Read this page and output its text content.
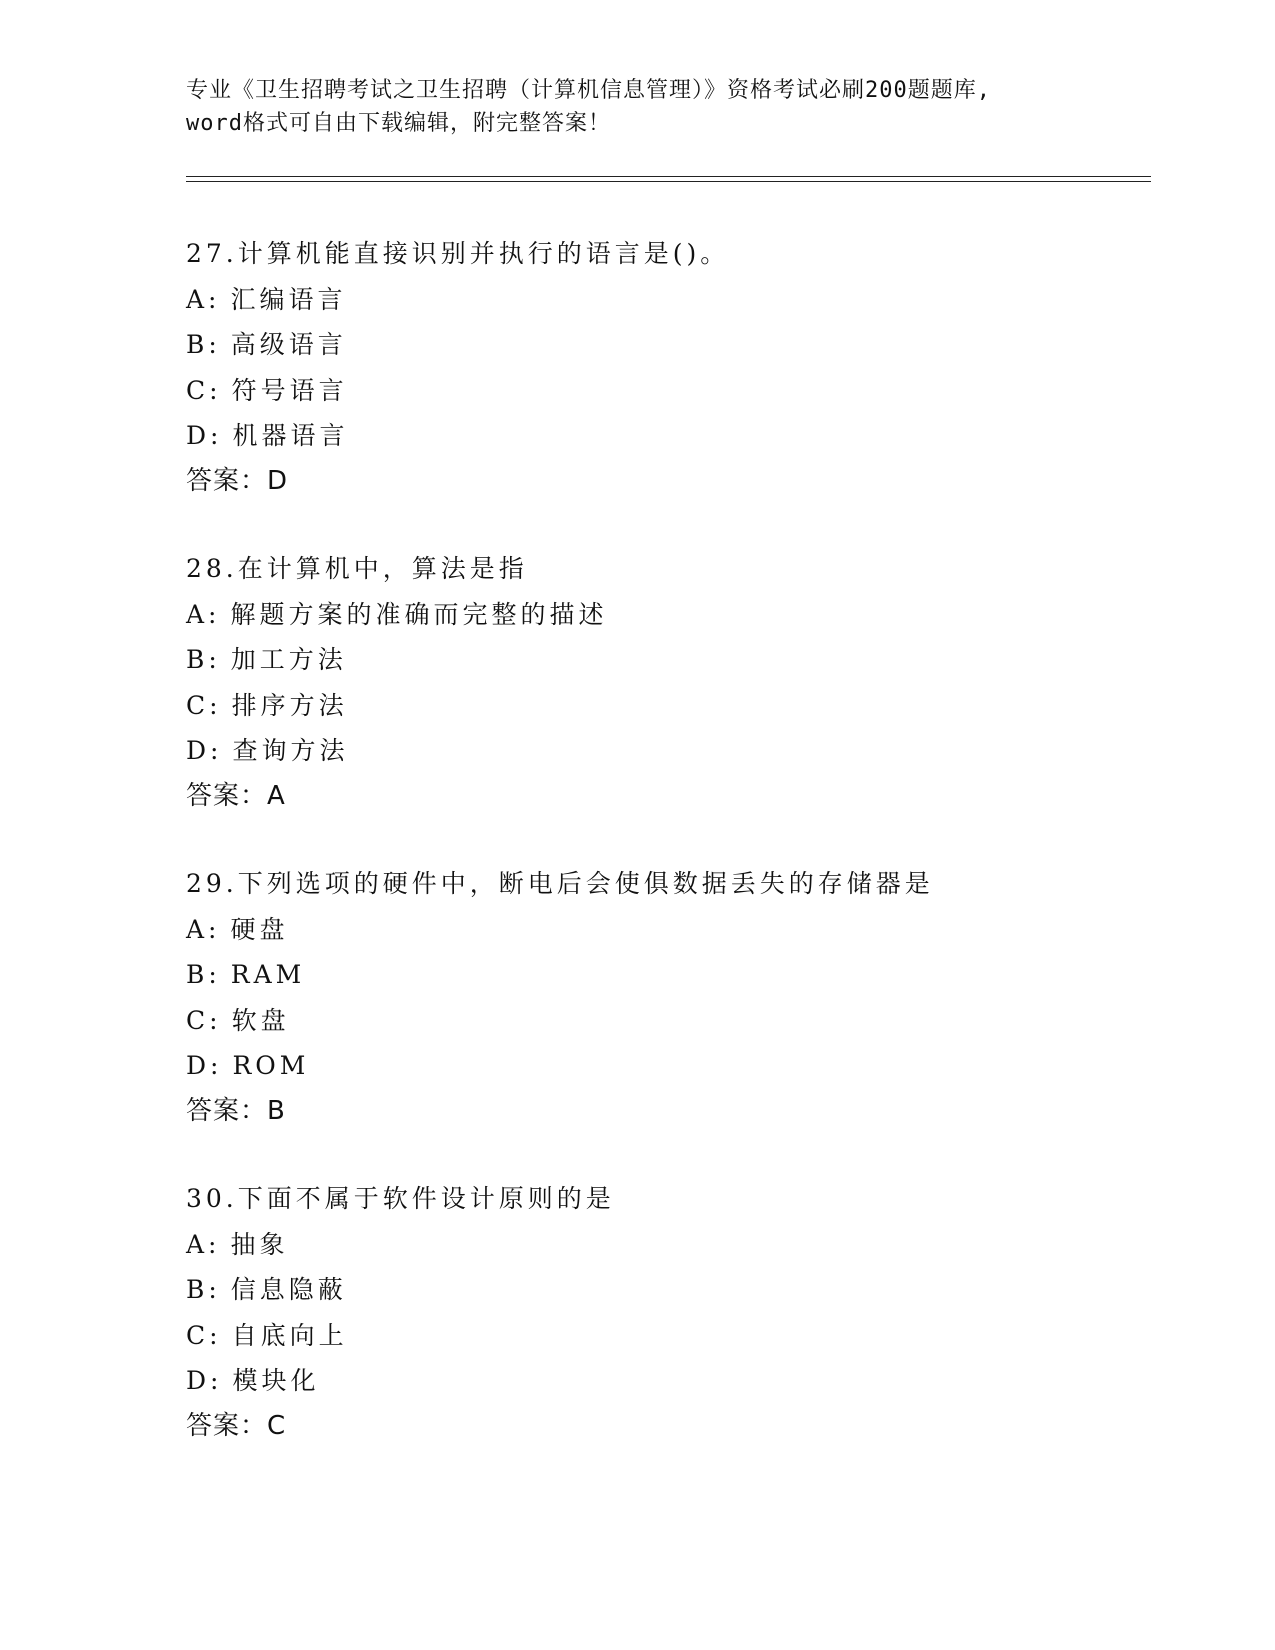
专业《卫生招聘考试之卫生招聘（计算机信息管理）》资格考试必刷200题题库,
word格式可自由下载编辑，附完整答案！
27.计算机能直接识别并执行的语言是()。
A: 汇编语言
B: 高级语言
C: 符号语言
D: 机器语言
答案：D
28.在计算机中，算法是指
A: 解题方案的准确而完整的描述
B: 加工方法
C: 排序方法
D: 查询方法
答案：A
29.下列选项的硬件中，断电后会使俱数据丢失的存储器是
A: 硬盘
B: RAM
C: 软盘
D: ROM
答案：B
30.下面不属于软件设计原则的是
A: 抽象
B: 信息隐蔽
C: 自底向上
D: 模块化
答案：C
